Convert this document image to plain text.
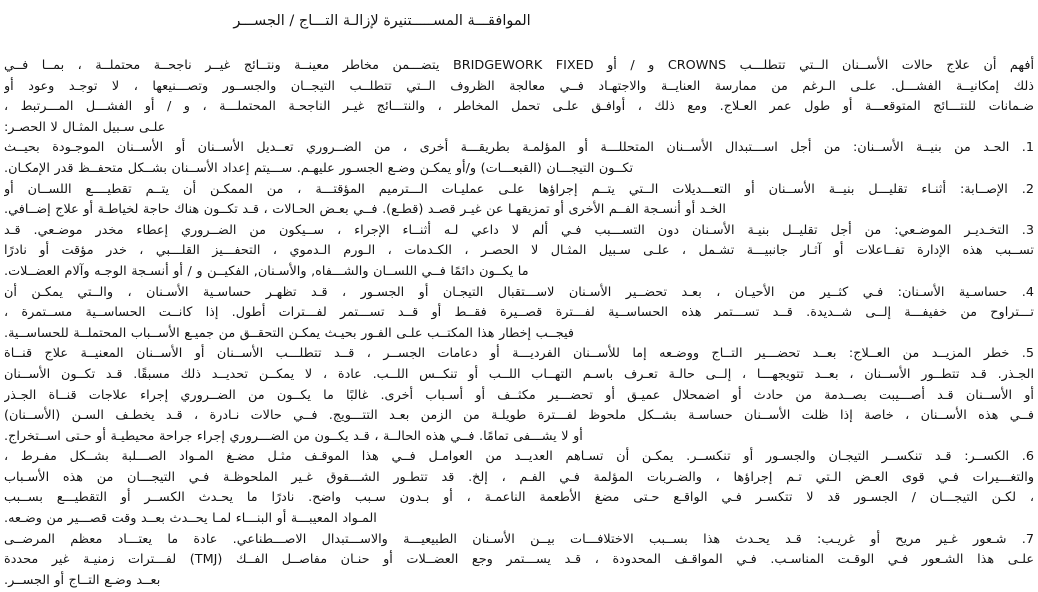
الموافقـــة المســـــتنيرة لإزالـة التـــاج / الجســـر
أفهم أن علاج حالات الأســنان الــتي تتطلـــب CROWNS و / أو BRIDGEWORK FIXED يتضـــمن مخاطر معينــة ونتــائج غيــر ناجحــة محتملــة ، بمــا فــي
ذلك إمكانيــة الفشـــل. علـى الـرغم من ممارسة العنايــة والاجتهـاد فــي معالجة الظروف الــتي تتطلــب التيجــان والجســور وتصـــنيعها ، لا توجـد وعود أو
ضـمانات للنتـــائج المتوقعـــة أو طول عمر العـلاج. ومع ذلك ، أوافـق علـى تحمل المخاطر ، والنتـــائج غيـر الناجحـة المحتملـــة ، و / أو الفشـــل المـــرتبط ،
علـى سـبيل المثـال لا الحصـر:
1. الحـد من بنيــة الأســنان: من أجل اســـتبدال الأســنان المتحللـــة أو المؤلمـة بطريقـــة أخرى ، من الضــروري تعــديل الأســنان أو الأســنان الموجـودة بحيــث
تكــون التيجـــان (القبعـــات) و/أو يمكـن وضـع الجسـور عليهـم. ســـيتم إعداد الأســنان بشــكل متحفــظ قدر الإمكـان.
2. الإصــابة: أثنـاء تقليـــل بنيــة الأســنان أو التعـــديلات الــتي يتــم إجراؤها علـى عمليـات الـــترميم المؤقتـــة ، من الممكـن أن يتــم تقطيــــع اللســان أو
الخـد أو أنسـجة الفــم الأخرى أو تمزيقهـا عن غيـر قصـد (قطـع). فــي بعـض الحـالات ، قـد تكــون هناك حاجة لخياطـة أو علاج إضــافي.
3. التخـديـر الموضـعي: من أجل تقليــل بنيـة الأسـنان دون التســـبب فـي ألم لا داعي لـه أثنــاء الإجراء ، ســيكون من الضــروري إعطاء مخدر موضـعي. قـد
تســبب هذه الإدارة تفــاعلات أو آثـار جانبيـــة تشـمل ، علـى سـبيل المثـال لا الحصـر ، الكـدمات ، الـورم الـدموي ، التحفـــيز القلـــبي ، خدر مؤقت أو نادرًا
ما يكــون دائمًا فــي اللســان والشـــفاه, والأسـنان, الفكيــن و / أو أنسـجة الوجـه وآلام العضــلات.
4. حساسـية الأسـنان: فـي كثــير من الأحيـان ، بعـد تحضــير الأسـنان لاســـتقبال التيجـان أو الجسـور ، قـد تظهـر حساسـية الأسـنان ، والــتي يمكـن أن
تـــتراوح من خفيفـــة إلــى شــديدة. قــد تســـتمر هذه الحساســية لفـــترة قصــيرة فقــط أو قــد تســـتمر لفـــترات أطول. إذا كانــت الحساســية مســتمرة ،
فيجــب إخطار هذا المكتــب علـى الفـور بحيـث يمكـن التحقــق من جميـع الأســباب المحتملــة للحساســية.
5. خطر المزيــد من العــلاج: بعــد تحضـــير التــاج ووضـعه إما للأســنان الفرديـــة أو دعامات الجســر ، قــد تتطلـــب الأســنان أو الأســنان المعنيــة علاج قنــاة
الجـذر. قـد تتطــور الأســنان ، بعــد تتويجهـــا ، إلــى حالـة تعـرف باسـم التهــاب اللــب أو تنكــس اللــب. عادة ، لا يمكــن تحديــد ذلك مسبقًا. قـد تكــون الأســنان
أو الأســنان قـد أصـــيبت بصــدمة من حادث أو اضمحلال عميـق أو تحضـــير مكثــف أو أسـباب أخرى. غالبًا ما يكــون من الضــروري إجراء علاجات قنــاة الجـذر
فــي هذه الأســنان ، خاصة إذا ظلت الأســنان حساسـة بشــكل ملحوظ لفـــترة طويلـة من الزمن بعـد التتـــويج. فــي حالات نـادرة ، قـد يخطـف السـن (الأســنان)
أو لا يشـــفى تمامًا. فــي هذه الحالــة ، قـد يكــون من الضـــروري إجراء جراحة محيطيـة أو حـتى اســتخراج.
6. الكســر: قـد تنكســر التيجـان والجسـور أو تنكســر. يمكـن أن تسـاهم العديــد من العوامـل فــي هذا الموقـف مثـل مضـغ المـواد الصـــلبة بشــكل مفـرط ،
والتغـــيرات فـي قوى العـض الـتي تـم إجراؤها ، والضـربات المؤلمة فـي الفـم ، إلخ. قد تتطـور الشـــقوق غـير الملحوظـة فـي التيجـــان من هذه الأسـباب
، لكـن التيجـــان / الجسـور قد لا تتكسـر فـي الواقـع حـتى مضغ الأطعمة الناعمـة ، أو بـدون سـبب واضح. نادرًا ما يحـدث الكســر أو التقطيـــع بســبب
المـواد المعيبـــة أو البنـــاء لمـا يحــدث بعــد وقت قصـــير من وضـعه.
7. شـعور غـير مريح أو غريـب: قـد يحـدث هذا بســبب الاختلافـــات بيــن الأسـنان الطبيعيـــة والاســـتبدال الاصـــطناعي. عادة ما يعتـــاد معظم المرضــى
علـى هذا الشـعور فـي الوقـت المناسـب. فـي المواقـف المحدودة ، قـد يســـتمر وجع العضــلات أو حنـان مفاصــل الفــك (TMJ) لفـــترات زمنيـة غير محددة
بعــد وضـع التــاج أو الجســر.
